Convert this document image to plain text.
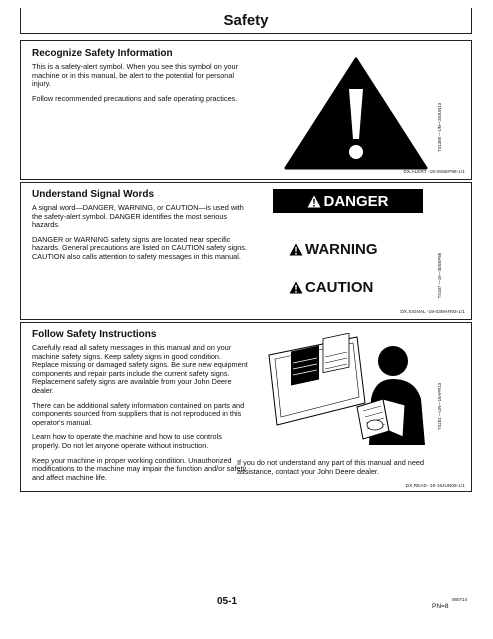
Safety
Recognize Safety Information

This is a safety-alert symbol. When you see this symbol on your machine or in this manual, be alert to the potential for personal injury.

Follow recommended precautions and safe operating practices.

TS1389 —UN—28JUN13
DX,ALERT -19-29SEP98-1/1
Understand Signal Words

A signal word—DANGER, WARNING, or CAUTION—is used with the safety-alert symbol. DANGER identifies the most serious hazards.

DANGER or WARNING safety signs are located near specific hazards. General precautions are listed on CAUTION safety signs. CAUTION also calls attention to safety messages in this manual.

DANGER
WARNING
CAUTION	TS187 —19—30SEP88
DX,SIGNAL -19-03MAR93-1/1
Follow Safety Instructions

Carefully read all safety messages in this manual and on your machine safety signs. Keep safety signs in good condition. Replace missing or damaged safety signs. Be sure new equipment components and repair parts include the current safety signs. Replacement safety signs are available from your John Deere dealer.

There can be additional safety information contained on parts and components sourced from suppliers that is not reproduced in this operator's manual.

Learn how to operate the machine and how to use controls properly. Do not let anyone operate without instruction.

Keep your machine in proper working condition. Unauthorized modifications to the machine may impair the function and/or safety and affect machine life.

TS201 —UN—15APR13
If you do not understand any part of this manual and need assistance, contact your John Deere dealer.
DX,READ -19-16JUN09-1/1
05-1	060714
PN=8
